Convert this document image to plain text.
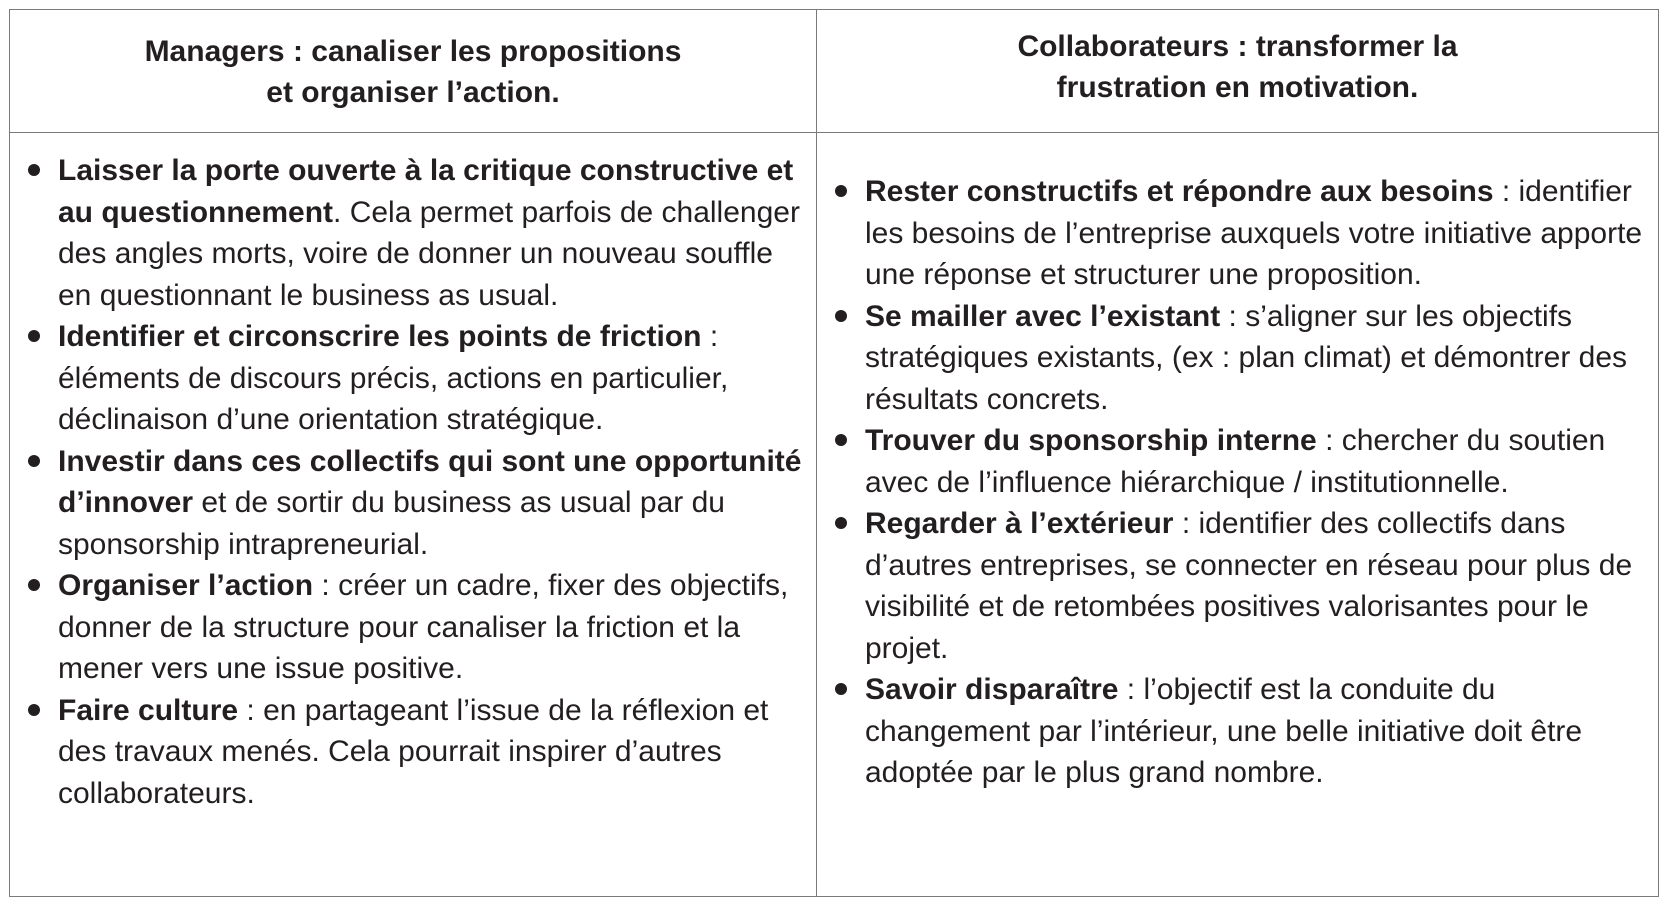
Managers : canaliser les propositions
et organiser l’action.
Collaborateurs : transformer la
frustration en motivation.
Laisser la porte ouverte à la critique constructive et au questionnement. Cela permet parfois de challenger des angles morts, voire de donner un nouveau souffle en questionnant le business as usual.
Identifier et circonscrire les points de friction : éléments de discours précis, actions en particulier, déclinaison d’une orientation stratégique.
Investir dans ces collectifs qui sont une opportunité d’innover et de sortir du business as usual par du sponsorship intrapreneurial.
Organiser l’action : créer un cadre, fixer des objectifs, donner de la structure pour canaliser la friction et la mener vers une issue positive.
Faire culture : en partageant l’issue de la réflexion et des travaux menés. Cela pourrait inspirer d’autres collaborateurs.
Rester constructifs et répondre aux besoins : identifier les besoins de l’entreprise auxquels votre initiative apporte une réponse et structurer une proposition.
Se mailler avec l’existant : s’aligner sur les objectifs stratégiques existants, (ex : plan climat) et démontrer des résultats concrets.
Trouver du sponsorship interne : chercher du soutien avec de l’influence hiérarchique / institutionnelle.
Regarder à l’extérieur : identifier des collectifs dans d’autres entreprises, se connecter en réseau pour plus de visibilité et de retombées positives valorisantes pour le projet.
Savoir disparaître : l’objectif est la conduite du changement par l’intérieur, une belle initiative doit être adoptée par le plus grand nombre.
